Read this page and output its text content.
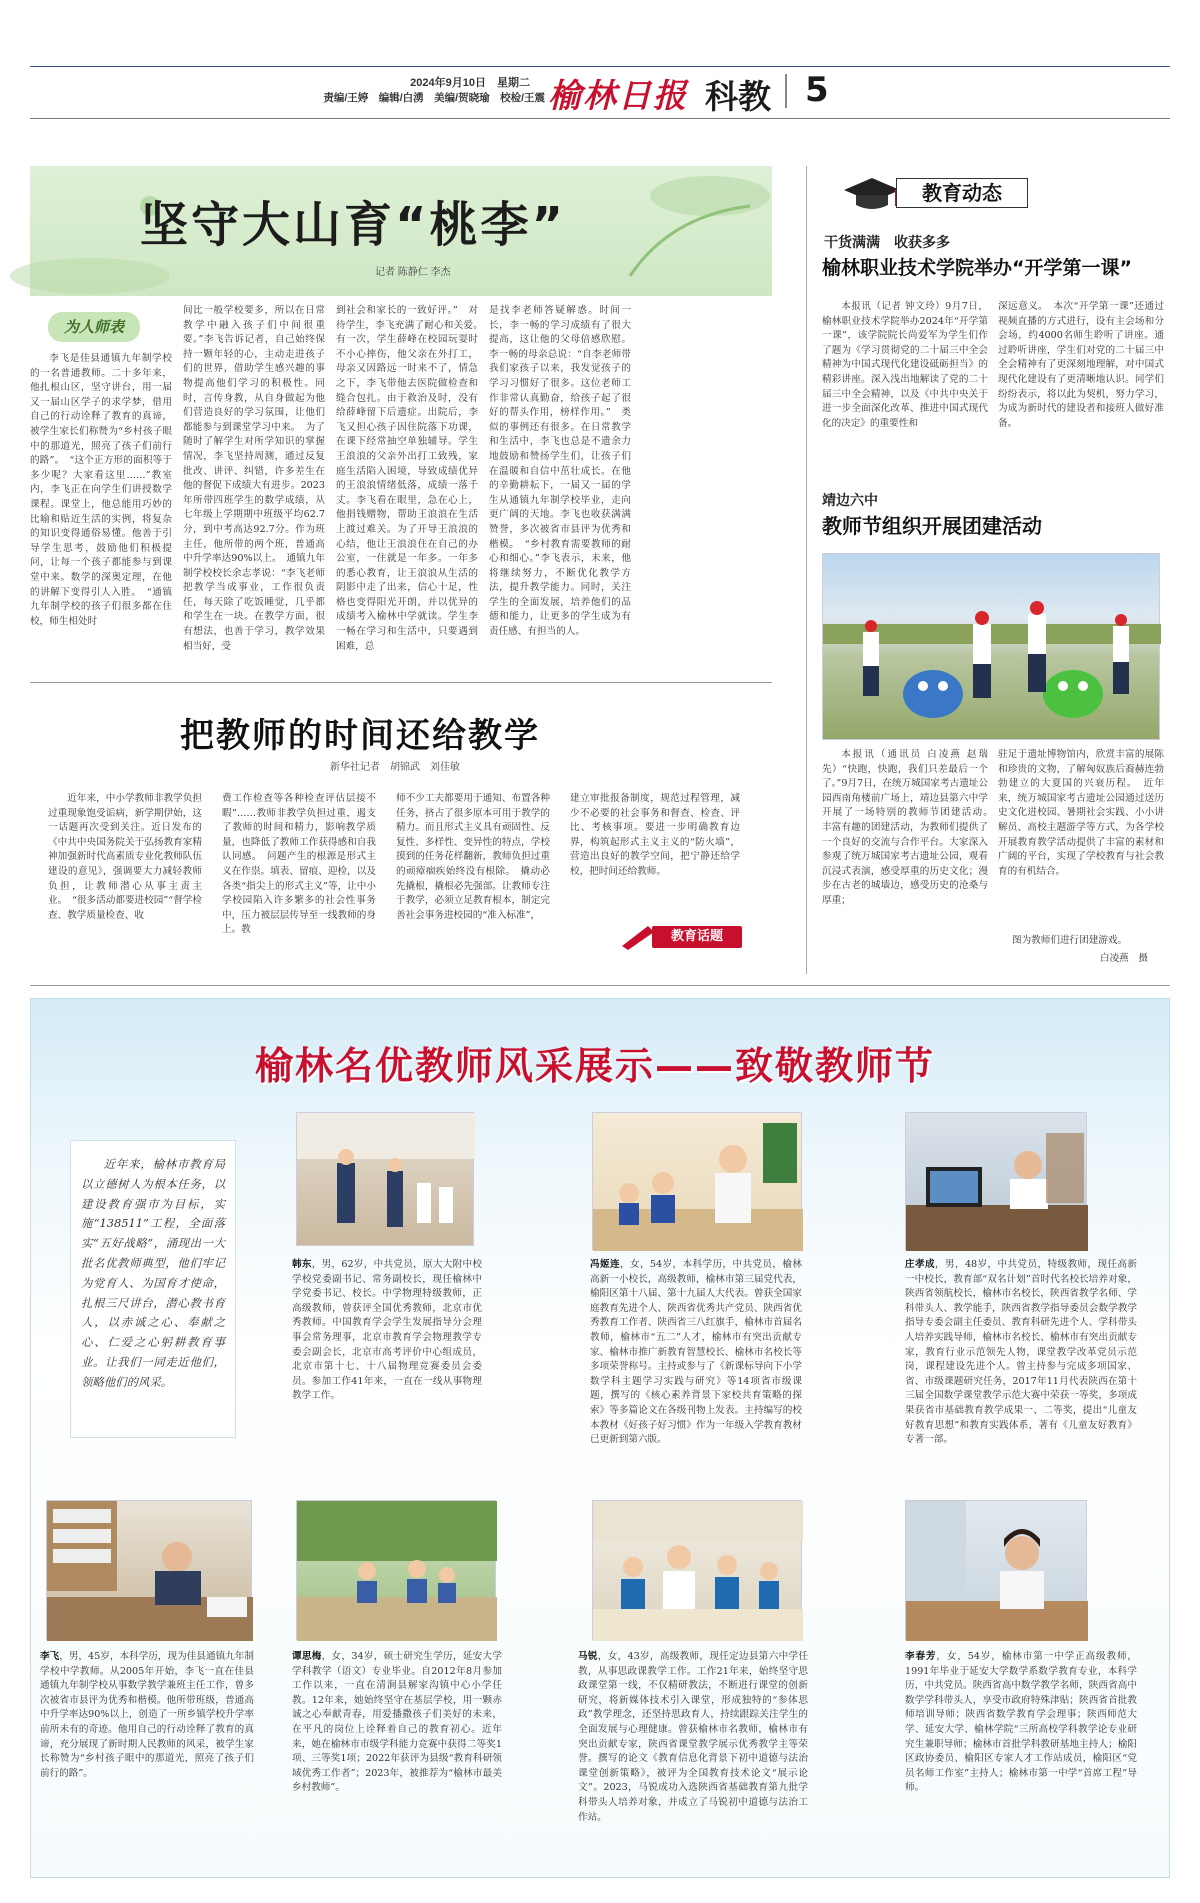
2024年9月10日　星期二
责编/王婷　编辑/白湧　美编/贺晓瑜　校检/王震 榆林日报 科教 5
坚守大山育“桃李”
记者 陈静仁 李杰
为人师表
李飞是佳县通镇九年制学校的一名普通教师。二十多年来，他扎根山区，坚守讲台，用一届又一届山区学子的求学梦，借用自己的行动诠释了教育的真谛，被学生家长们称赞为“乡村孩子眼中的那道光，照亮了孩子们前行的路”。　“这个正方形的面积等于多少呢？大家看这里……”教室内，李飞正在向学生们讲授数学课程。课堂上，他总能用巧妙的比喻和贴近生活的实例，将复杂的知识变得通俗易懂。他善于引导学生思考，鼓励他们积极提问，让每一个孩子都能参与到课堂中来。数学的深奥定理，在他的讲解下变得引人入胜。　“通镇九年制学校的孩子们很多都在住校，师生相处时
间比一般学校要多，所以在日常教学中融入孩子们中间很重要。”李飞告诉记者，自己始终保持一颗年轻的心，主动走进孩子们的世界，借助学生感兴趣的事物提高他们学习的积极性。同时，言传身教，从自身做起为他们营造良好的学习氛围，让他们都能参与到课堂学习中来。　为了随时了解学生对所学知识的掌握情况，李飞坚持周测，通过反复批改、讲评、纠错，许多差生在他的督促下成绩大有进步。2023年所带四班学生的数学成绩，从七年级上学期期中班级平均62.7分，到中考高达92.7分。作为班主任，他所带的两个班，普通高中升学率达90%以上。　通镇九年制学校校长余志孝说：“李飞老师把教学当成事业，工作很负责任，每天除了吃饭睡觉，几乎都和学生在一块。在教学方面，很有想法，也善于学习，教学效果相当好，受
到社会和家长的一致好评。”　对待学生，李飞充满了耐心和关爱。　有一次，学生薛峰在校园玩耍时不小心摔伤，他父亲在外打工，母亲又因路远一时来不了，情急之下，李飞带他去医院做检查和缝合包扎。由于救治及时，没有给薛峰留下后遗症。出院后，李飞又担心孩子因住院落下功课，在课下经常抽空单独辅导。学生王浪浪的父亲外出打工致残，家庭生活陷入困境，导致成绩优异的王浪浪情绪低落，成绩一落千丈。李飞看在眼里，急在心上，他捐钱赠物，帮助王浪浪在生活上渡过难关。为了开导王浪浪的心结，他让王浪浪住在自己的办公室，一住就是一年多。一年多的悉心教育，让王浪浪从生活的阴影中走了出来，信心十足，性格也变得阳光开朗，并以优异的成绩考入榆林中学就读。学生李一畅在学习和生活中，只要遇到困难，总
是找李老师答疑解惑。时间一长，李一畅的学习成绩有了很大提高，这让他的父母倍感欣慰。李一畅的母亲总说：“自李老师带我们家孩子以来，我发觉孩子的学习习惯好了很多。这位老师工作非常认真勤奋，给孩子起了很好的帮头作用，榜样作用。”　类似的事例还有很多。在日常教学和生活中，李飞也总是不遗余力地鼓励和赞扬学生们，让孩子们在温暖和自信中茁壮成长。在他的辛勤耕耘下，一届又一届的学生从通镇九年制学校毕业，走向更广阔的天地。李飞也收获满满赞誉，多次被省市县评为优秀和楷模。　“乡村教育需要教师的耐心和细心。”李飞表示，未来，他将继续努力，不断优化教学方法，提升教学能力。同时，关注学生的全面发展，培养他们的品德和能力，让更多的学生成为有责任感、有担当的人。
教育动态
干货满满　收获多多
榆林职业技术学院举办“开学第一课”
本报讯（记者 钟文玲）9月7日，榆林职业技术学院举办2024年“开学第一课”，该学院院长尚爱军为学生们作了题为《学习贯彻党的二十届三中全会精神为中国式现代化建设砥砺担当》的精彩讲座。深入浅出地解读了党的二十届三中全会精神，以及《中共中央关于进一步全面深化改革、推进中国式现代化的决定》的重要性和
深远意义。　本次“开学第一课”还通过视频直播的方式进行，设有主会场和分会场，约4000名师生聆听了讲座。通过聆听讲座，学生们对党的二十届三中全会精神有了更深刻地理解，对中国式现代化建设有了更清晰地认识。同学们纷纷表示，将以此为契机，努力学习，为成为新时代的建设者和接班人做好准备。
靖边六中
教师节组织开展团建活动
本报讯（通讯员 白凌燕 赵瑞先）“快跑，快跑，我们只差最后一个了。”9月7日，在统万城国家考古遗址公园西南角楼前广场上，靖边县第六中学开展了一场特别的教师节团建活动。　丰富有趣的团建活动，为教师们提供了一个良好的交流与合作平台。大家深入参观了统万城国家考古遗址公园，观看沉浸式表演，感受厚重的历史文化；漫步在古老的城墙边，感受历史的沧桑与厚重；
驻足于遗址博物馆内，欣赏丰富的展陈和珍贵的文物，了解匈奴族后裔赫连勃勃建立的大夏国的兴衰历程。　近年来，统万城国家考古遗址公园通过送历史文化进校园、暑期社会实践、小小讲解员、高校主题游学等方式，为各学校开展教育教学活动提供了丰富的素材和广阔的平台，实现了学校教育与社会教育的有机结合。
图为教师们进行团建游戏。
白凌燕　摄
把教师的时间还给教学
新华社记者　胡锦武　刘佳敏
近年来，中小学教师非教学负担过重现象饱受诟病，新学期伊始，这一话题再次受到关注。近日发布的《中共中央国务院关于弘扬教育家精神加强新时代高素质专业化教师队伍建设的意见》，强调要大力减轻教师负担，让教师潜心从事主责主业。　“很多活动都要进校园”“督学检查、教学质量检查、收
费工作检查等各种检查评估层接不暇”……教师非教学负担过重，遏支了教师的时间和精力，影响教学质量，也降低了教师工作获得感和自我认同感。　问题产生的根源是形式主义在作祟。填表、留痕、迎检，以及各类“指尖上的形式主义”等，让中小学校园陷入许多繁多的社会性事务中，压力被层层传导至一线教师的身上。教
师不少工夫都要用于通知、布置各种任务，挤占了很多原本可用于教学的精力。而且形式主义具有顽固性、反复性、多样性、变异性的特点，学校摸到的任务花样翻新，教师负担过重的顽瘴痼疾始终没有根除。　撬动必先撬根，撬根必先强部。让教师专注于教学，必须立足教育根本，制定完善社会事务进校园的“准入标准”，
建立审批报备制度，规范过程管理，减少不必要的社会事务和督查、检查、评比、考核事项。要进一步明确教育边界，构筑起形式主义主义的“防火墙”，营造出良好的教学空间，把宁静还给学校，把时间还给教师。
教育话题
榆林名优教师风采展示——致敬教师节
近年来，榆林市教育局以立德树人为根本任务，以建设教育强市为目标，实施“138511”工程，全面落实“五好战略”，涌现出一大批名优教师典型，他们牢记为党育人、为国育才使命，扎根三尺讲台，潜心教书育人，以赤诚之心、奉献之心、仁爱之心躬耕教育事业。让我们一同走近他们，领略他们的风采。
韩东，男，62岁，中共党员，原大大附中校学校党委副书记、常务副校长，现任榆林中学党委书记、校长。中学物理特级教师，正高级教师，曾获评全国优秀教师，北京市优秀教师。中国教育学会学生发展指导分会理事会常务理事，北京市教育学会物理教学专委会副会长，北京市高考评价中心组成员，北京市第十七、十八届物理竞赛委员会委员。参加工作41年来，一直在一线从事物理教学工作。
冯姬连，女，54岁，本科学历，中共党员，榆林高新一小校长，高级教师，榆林市第三届党代表，榆阳区第十八届、第十九届人大代表。曾获全国家庭教育先进个人、陕西省优秀共产党员、陕西省优秀教育工作者、陕西省三八红旗手，榆林市首届名教师，榆林市“五二”人才，榆林市有突出贡献专家、榆林市推广新教育智慧校长、榆林市名校长等多项荣誉称号。主持或参与了《新课标导向下小学数学科主题学习实践与研究》等14项省市级课题，撰写的《核心素养背景下家校共育策略的探索》等多篇论文在各级刊物上发表。主持编写的校本教材《好孩子好习惯》作为一年级入学教育教材已更新到第六版。
庄孝成，男，48岁，中共党员，特级教师，现任高新一中校长，教育部“双名计划”首时代名校长培养对象，陕西省领航校长，榆林市名校长，陕西省教学名师、学科带头人、教学能手，陕西省教学指导委员会数学教学指导专委会副主任委员、教育科研先进个人、学科带头人培养实践导师，榆林市名校长、榆林市有突出贡献专家，教育行业示范领先人物，课堂教学改革党员示范岗，课程建设先进个人。曾主持参与完成多项国家、省、市级课题研究任务，2017年11月代表陕西在第十三届全国数学课堂教学示范大赛中荣获一等奖，多项成果获省市基础教育教学成果一、二等奖，提出“儿童友好教育思想”和教育实践体系，著有《儿童友好教育》专著一部。
李飞，男，45岁，本科学历，现为佳县通镇九年制学校中学教师。从2005年开始，李飞一直在佳县通镇九年制学校从事数学教学兼班主任工作，曾多次被省市县评为优秀和楷模。他所带班级，普通高中升学率达90%以上，创造了一所乡镇学校升学率前所未有的奇迹。他用自己的行动诠释了教育的真谛，充分展现了新时期人民教师的风采，被学生家长称赞为“乡村孩子眼中的那道光，照亮了孩子们前行的路”。
谭思梅，女，34岁，硕士研究生学历，延安大学学科教学（语文）专业毕业。自2012年8月参加工作以来，一直在清涧县解家沟镇中心小学任教。12年来，她始终坚守在基层学校，用一颗赤诚之心奉献青春，用爱播撒孩子们美好的未来，在平凡的岗位上诠释着自己的教育初心。近年来，她在榆林市市级学科能力竞赛中获得二等奖1项、三等奖1项；2022年获评为县级“教育科研领域优秀工作者”；2023年，被推荐为“榆林市最美乡村教师”。
马锐，女，43岁，高级教师，现任定边县第六中学任教，从事思政课教学工作。工作21年来，始终坚守思政课堂第一线，不仅精研教法，不断进行课堂的创新研究，将新媒体技术引入课堂，形成独特的“参体思政”教学理念，还坚持思政育人，持续跟踪关注学生的全面发展与心理健康。曾获榆林市名教师，榆林市有突出贡献专家，陕西省课堂教学展示优秀教学主等荣誉。撰写的论文《教育信息化背景下初中道德与法治课堂创新策略》，被评为全国教育技术论文“展示论文”。2023，马锐成功入选陕西省基础教育第九批学科带头人培养对象，并成立了马锐初中道德与法治工作站。
李春芳，女，54岁，榆林市第一中学正高级教师，1991年毕业于延安大学数学系数学教育专业，本科学历，中共党员。陕西省高中数学教学名师，陕西省高中数学学科带头人，享受市政府特殊津贴；陕西省首批教师培训导师；陕西省数学教育学会理事；陕西师范大学、延安大学、榆林学院“三所高校学科教学论专业研究生兼职导师；榆林市首批学科教研基地主持人；榆阳区政协委员、榆阳区专家人才工作站成员，榆阳区“党员名师工作室”主持人；榆林市第一中学“首席工程”导师。
